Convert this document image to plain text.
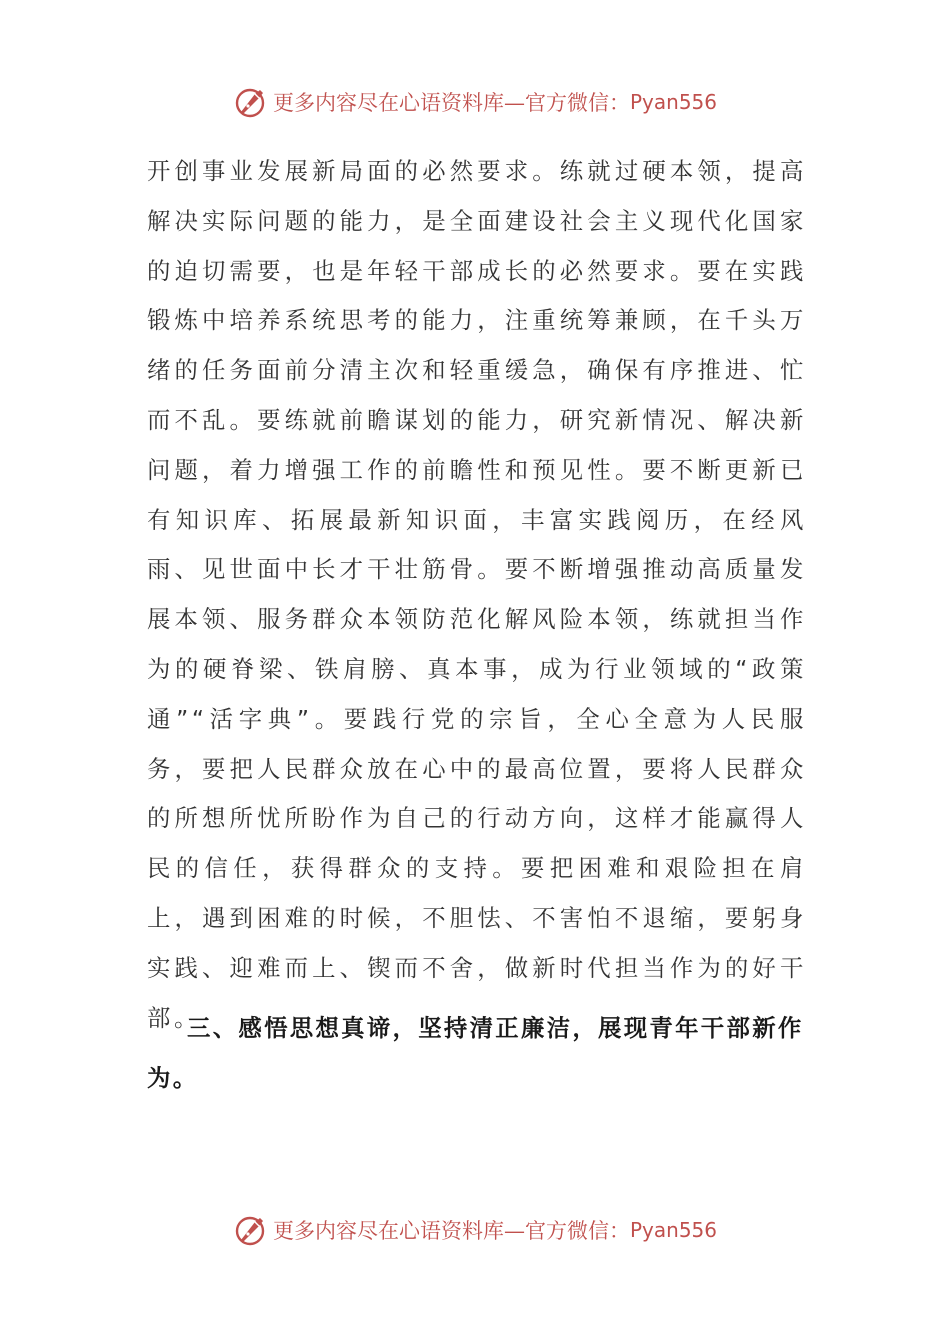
更多内容尽在心语资料库—官方微信： Pyan556

开创事业发展新局面的必然要求。练就过硬本领，提高解决实际问题的能力，是全面建设社会主义现代化国家的迫切需要，也是年轻干部成长的必然要求。要在实践锻炼中培养系统思考的能力，注重统筹兼顾，在千头万绪的任务面前分清主次和轻重缓急，确保有序推进、忙而不乱。要练就前瞻谋划的能力，研究新情况、解决新问题，着力增强工作的前瞻性和预见性。要不断更新已有知识库、拓展最新知识面，丰富实践阅历，在经风雨、见世面中长才干壮筋骨。要不断增强推动高质量发展本领、服务群众本领防范化解风险本领，练就担当作为的硬脊梁、铁肩膀、真本事，成为行业领域的“政策通”“活字典”。要践行党的宗旨，全心全意为人民服务，要把人民群众放在心中的最高位置，要将人民群众的所想所忧所盼作为自己的行动方向，这样才能赢得人民的信任，获得群众的支持。要把困难和艰险担在肩上，遇到困难的时候，不胆怯、不害怕不退缩，要躬身实践、迎难而上、锲而不舍，做新时代担当作为的好干部。

三、感悟思想真谛，坚持清正廉洁，展现青年干部新作为。
更多内容尽在心语资料库—官方微信： Pyan556
